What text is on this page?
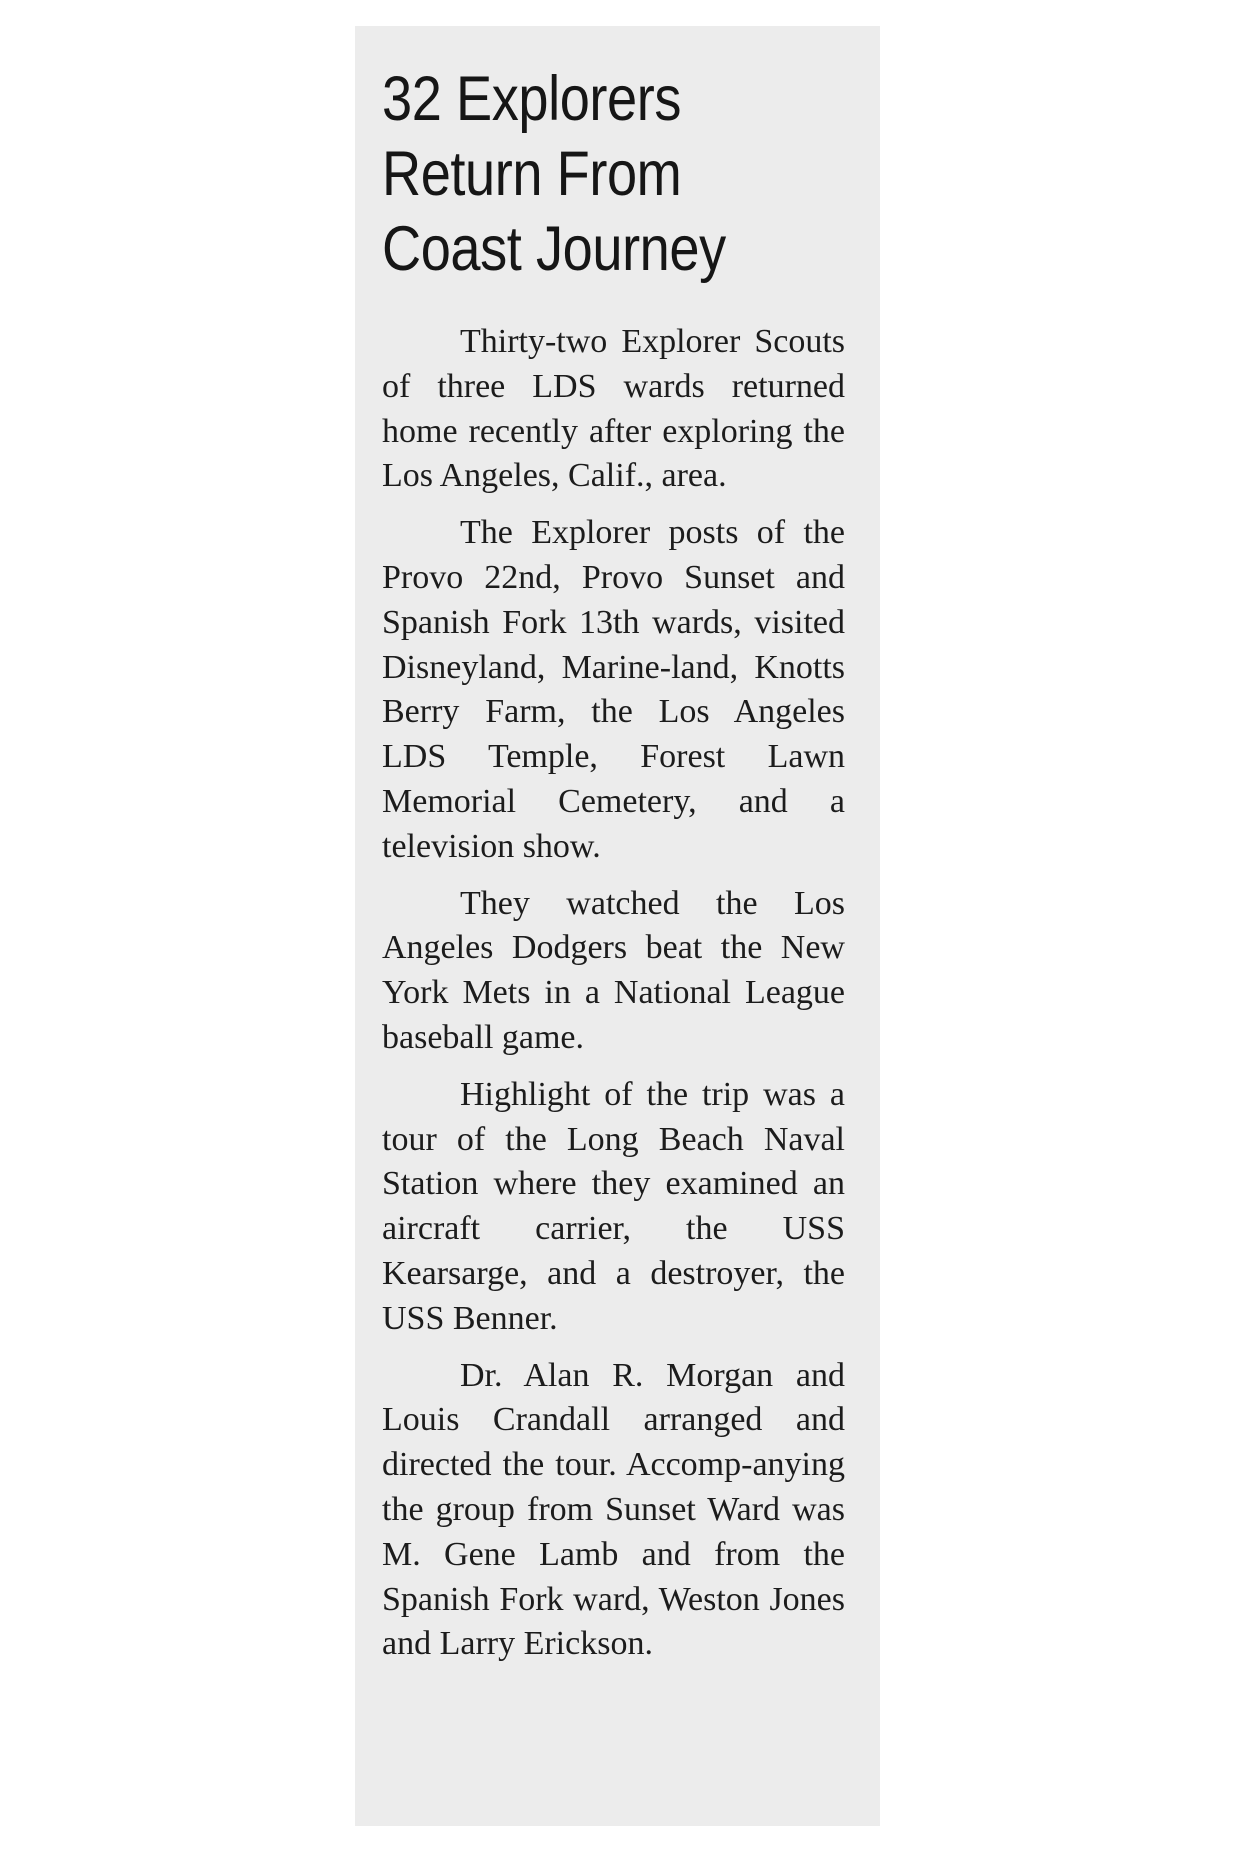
32 Explorers
Return From
Coast Journey

Thirty-two Explorer Scouts of three LDS wards returned home recently after exploring the Los Angeles, Calif., area.

The Explorer posts of the Provo 22nd, Provo Sunset and Spanish Fork 13th wards, visited Disneyland, Marine-land, Knotts Berry Farm, the Los Angeles LDS Temple, Forest Lawn Memorial Cemetery, and a television show.

They watched the Los Angeles Dodgers beat the New York Mets in a National League baseball game.

Highlight of the trip was a tour of the Long Beach Naval Station where they examined an aircraft carrier, the USS Kearsarge, and a destroyer, the USS Benner.

Dr. Alan R. Morgan and Louis Crandall arranged and directed the tour. Accomp-anying the group from Sunset Ward was M. Gene Lamb and from the Spanish Fork ward, Weston Jones and Larry Erickson.
